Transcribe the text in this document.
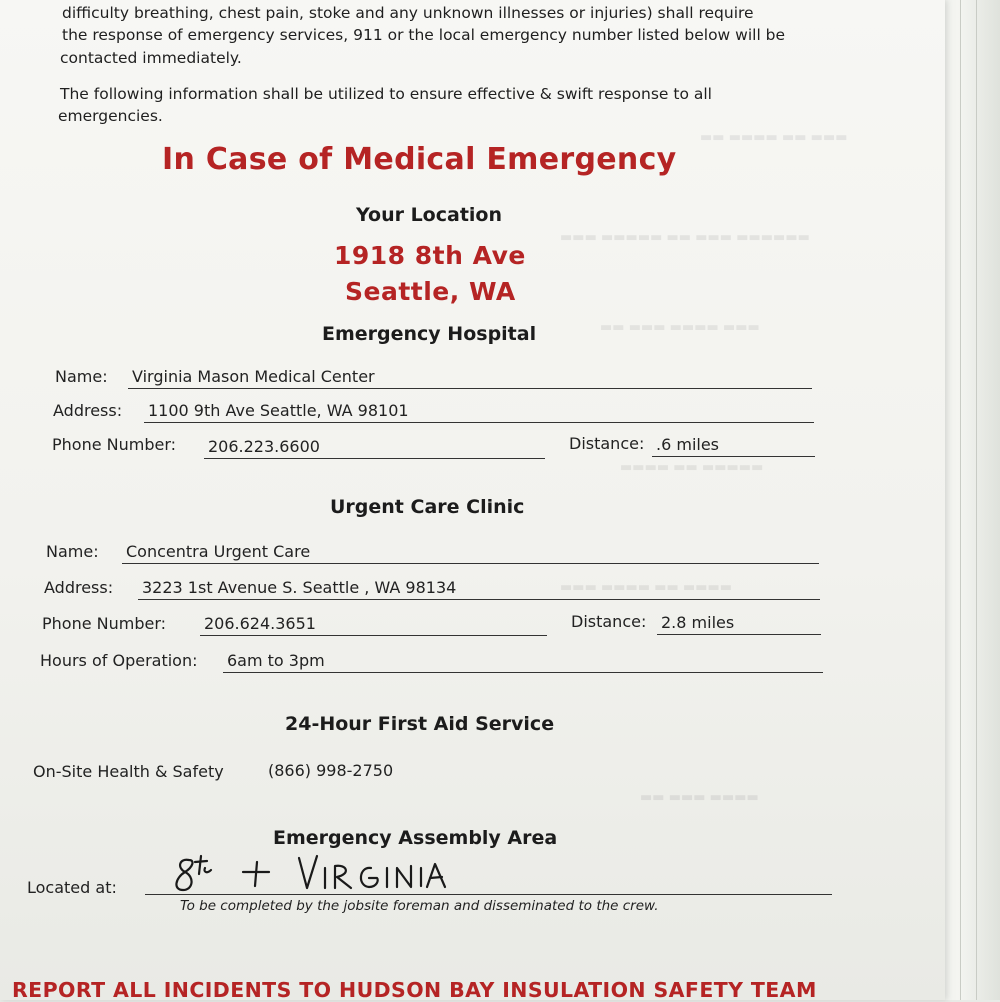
▬▬ ▬▬▬▬ ▬▬ ▬▬▬
▬▬▬ ▬▬▬▬▬ ▬▬ ▬▬▬ ▬▬▬▬▬▬
▬▬ ▬▬▬ ▬▬▬▬ ▬▬▬
▬▬▬▬ ▬▬ ▬▬▬▬▬
▬▬▬ ▬▬▬▬ ▬▬ ▬▬▬▬
▬▬ ▬▬▬ ▬▬▬▬
difficulty breathing, chest pain, stoke and any unknown illnesses or injuries) shall require
the response of emergency services, 911 or the local emergency number listed below will be
contacted immediately.
The following information shall be utilized to ensure effective & swift response to all
emergencies.
In Case of Medical Emergency
Your Location
1918 8th Ave
Seattle, WA
Emergency Hospital
Name: Virginia Mason Medical Center
Address: 1100 9th Ave Seattle, WA 98101
Phone Number: 206.223.6600	Distance: .6 miles
Urgent Care Clinic
Name: Concentra Urgent Care
Address: 3223 1st Avenue S. Seattle , WA 98134
Phone Number: 206.624.3651	Distance: 2.8 miles
Hours of Operation: 6am to 3pm
24-Hour First Aid Service
On-Site Health & Safety	(866) 998-2750
Emergency Assembly Area
Located at:
To be completed by the jobsite foreman and disseminated to the crew.
REPORT ALL INCIDENTS TO HUDSON BAY INSULATION SAFETY TEAM
